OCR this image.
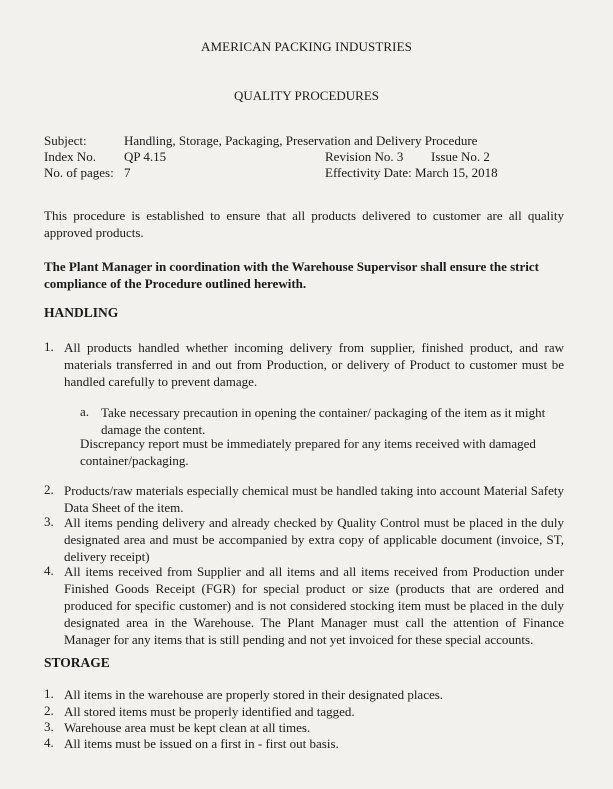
AMERICAN PACKING INDUSTRIES
QUALITY PROCEDURES
Subject:	Handling, Storage, Packaging, Preservation and Delivery Procedure
Index No. QP 4.15	Revision No. 3 Issue No. 2
No. of pages: 7	Effectivity Date: March 15, 2018
This procedure is established to ensure that all products delivered to customer are all quality approved products.
The Plant Manager in coordination with the Warehouse Supervisor shall ensure the strict compliance of the Procedure outlined herewith.
HANDLING
1. All products handled whether incoming delivery from supplier, finished product, and raw materials transferred in and out from Production, or delivery of Product to customer must be handled carefully to prevent damage.
a. Take necessary precaution in opening the container/ packaging of the item as it might damage the content.
Discrepancy report must be immediately prepared for any items received with damaged container/packaging.
2. Products/raw materials especially chemical must be handled taking into account Material Safety Data Sheet of the item.
3. All items pending delivery and already checked by Quality Control must be placed in the duly designated area and must be accompanied by extra copy of applicable document (invoice, ST, delivery receipt)
4. All items received from Supplier and all items and all items received from Production under Finished Goods Receipt (FGR) for special product or size (products that are ordered and produced for specific customer) and is not considered stocking item must be placed in the duly designated area in the Warehouse. The Plant Manager must call the attention of Finance Manager for any items that is still pending and not yet invoiced for these special accounts.
STORAGE
1. All items in the warehouse are properly stored in their designated places.
2. All stored items must be properly identified and tagged.
3. Warehouse area must be kept clean at all times.
4. All items must be issued on a first in - first out basis.
